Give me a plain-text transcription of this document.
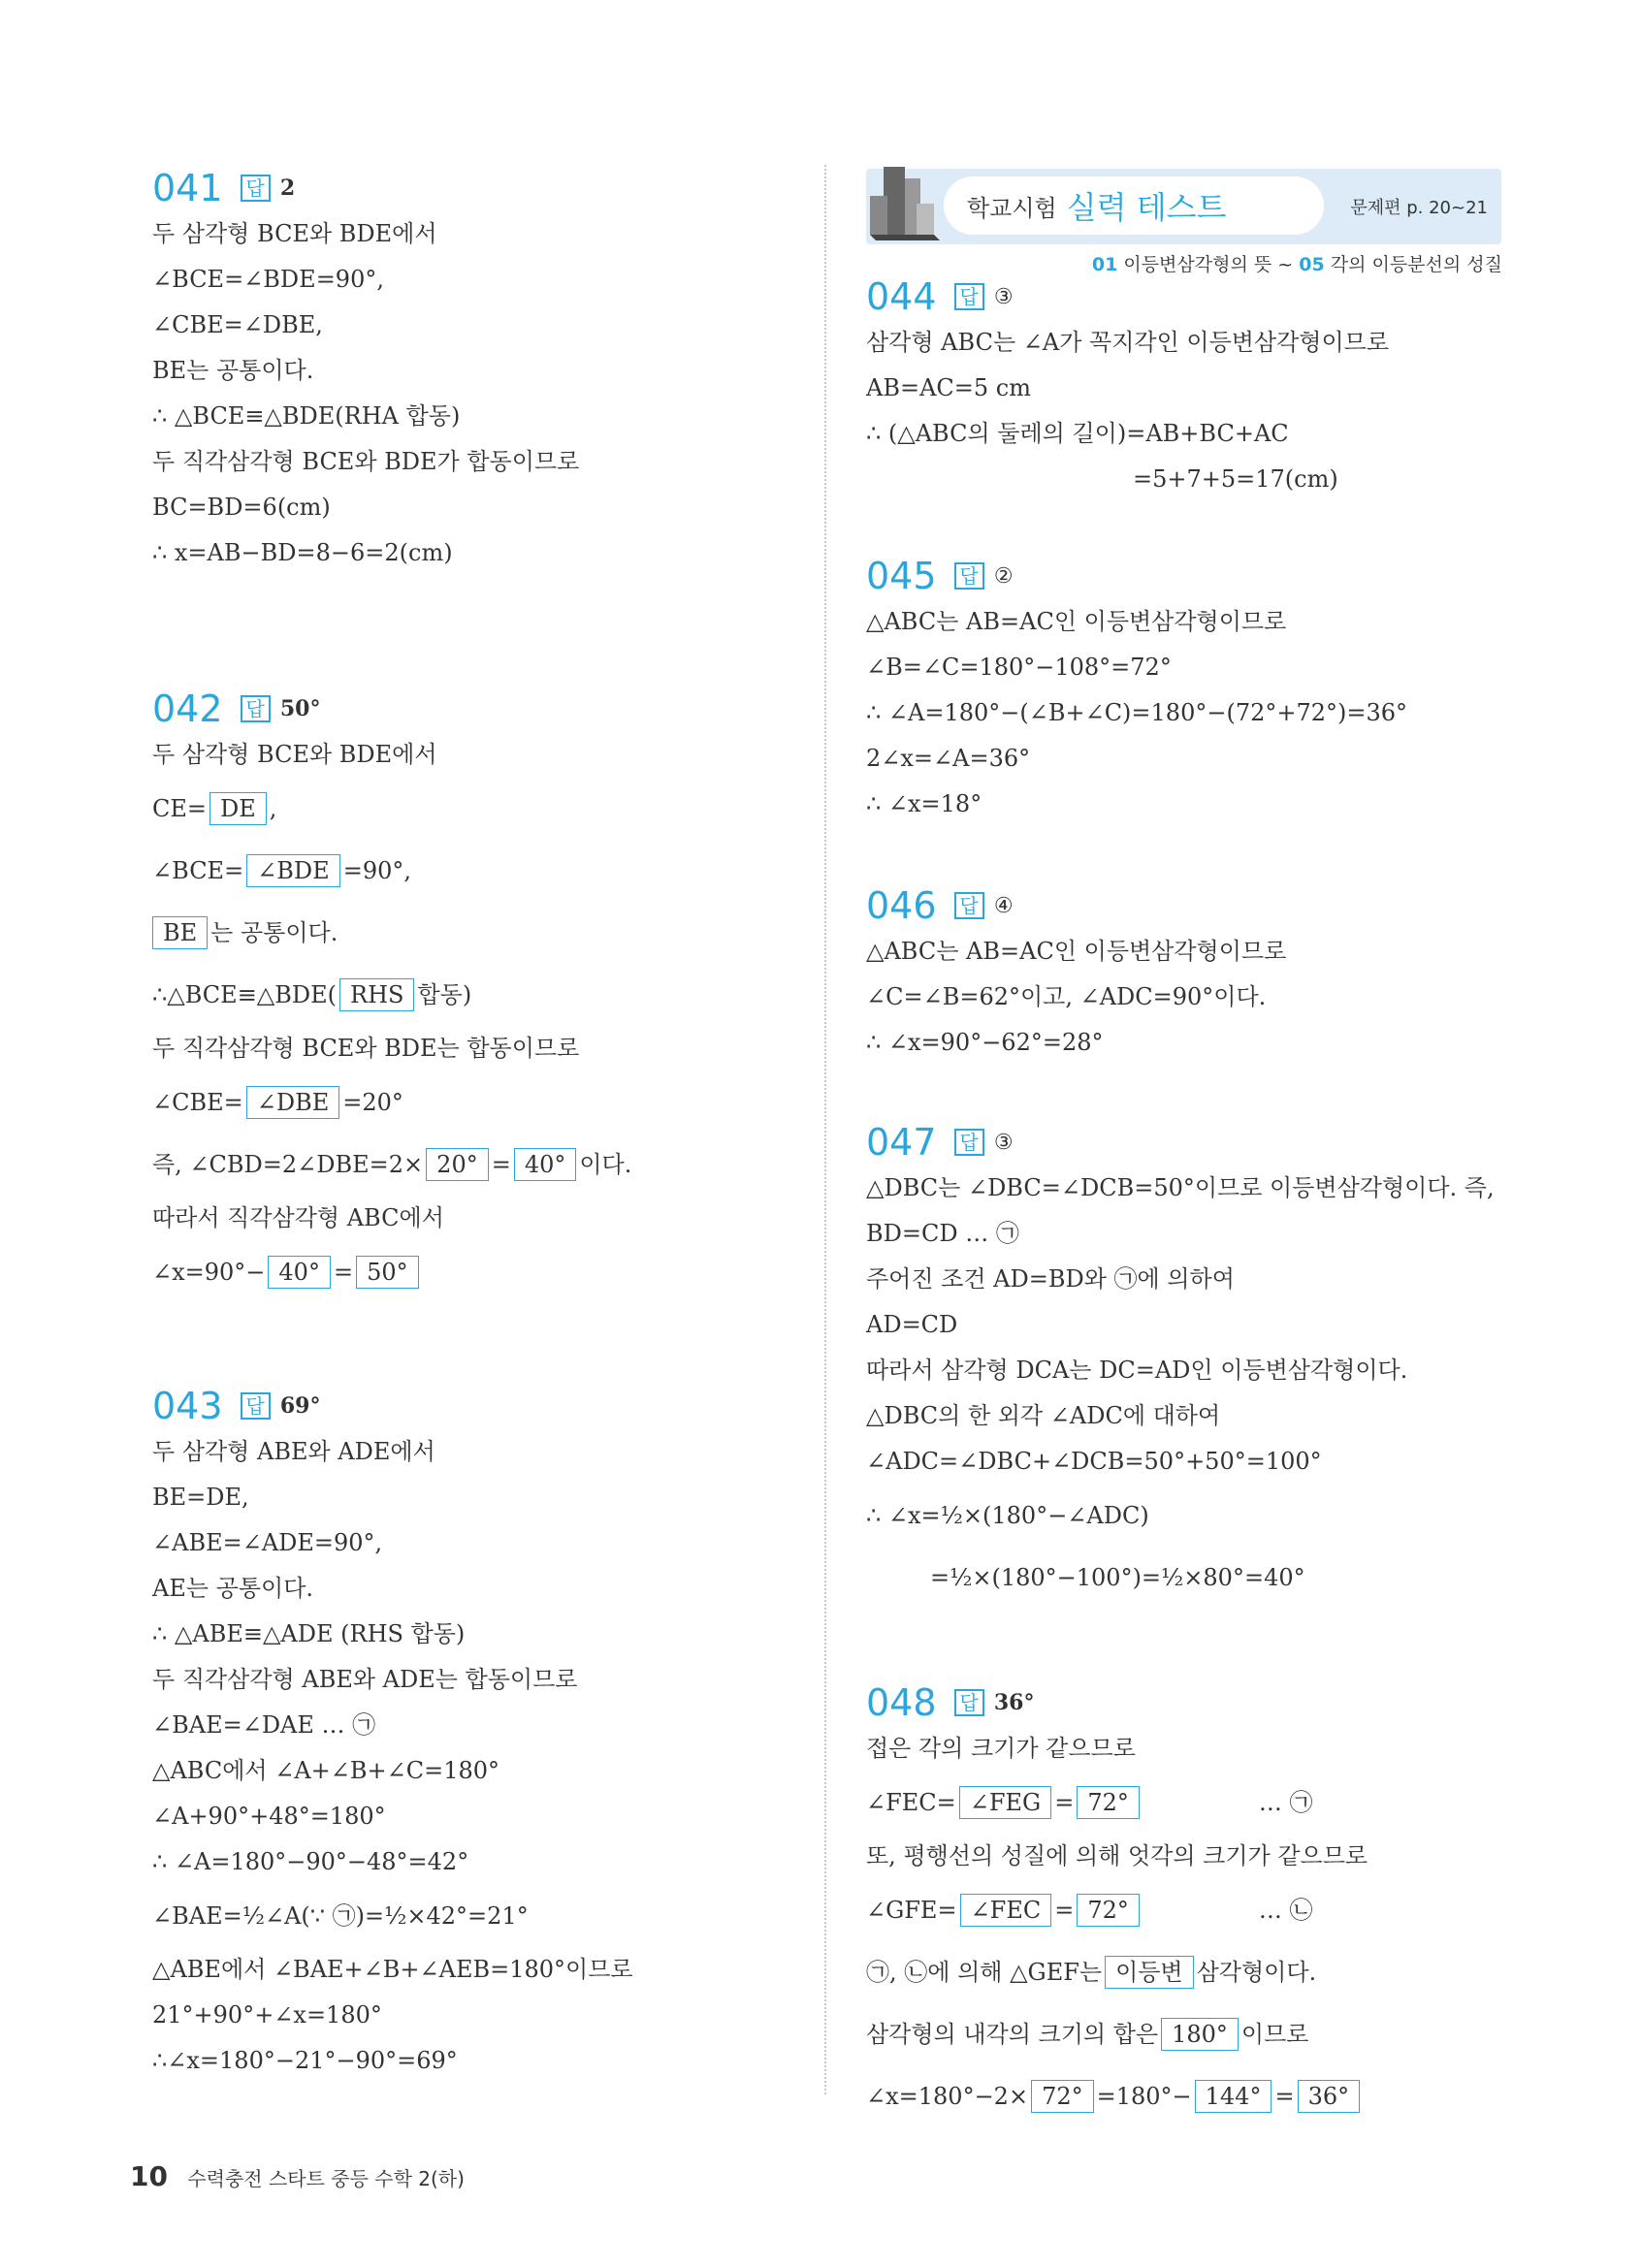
학교시험 실력 테스트	문제편 p. 20~21
01 이등변삼각형의 뜻 ~ 05 각의 이등분선의 성질
041	답 2
두 삼각형 BCE와 BDE에서
∠BCE=∠BDE=90°,
∠CBE=∠DBE,
BE는 공통이다.
∴ △BCE≡△BDE(RHA 합동)
두 직각삼각형 BCE와 BDE가 합동이므로
BC=BD=6(cm)
∴ x=AB−BD=8−6=2(cm)
042	답 50°
두 삼각형 BCE와 BDE에서
CE= DE ,
∠BCE= ∠BDE =90°,
BE 는 공통이다.
∴△BCE≡△BDE( RHS 합동)
두 직각삼각형 BCE와 BDE는 합동이므로
∠CBE= ∠DBE =20°
즉, ∠CBD=2∠DBE=2× 20° = 40° 이다.
따라서 직각삼각형 ABC에서
∠x=90°− 40° = 50°
043	답 69°
두 삼각형 ABE와 ADE에서
BE=DE,
∠ABE=∠ADE=90°,
AE는 공통이다.
∴ △ABE≡△ADE (RHS 합동)
두 직각삼각형 ABE와 ADE는 합동이므로
∠BAE=∠DAE … ㉠
△ABC에서 ∠A+∠B+∠C=180°
∠A+90°+48°=180°
∴ ∠A=180°−90°−48°=42°
∠BAE=½∠A(∵ ㉠)=½×42°=21°
△ABE에서 ∠BAE+∠B+∠AEB=180°이므로
21°+90°+∠x=180°
∴∠x=180°−21°−90°=69°
044	답 ③
삼각형 ABC는 ∠A가 꼭지각인 이등변삼각형이므로
AB=AC=5 cm
∴ (△ABC의 둘레의 길이)=AB+BC+AC
=5+7+5=17(cm)
045	답 ②
△ABC는 AB=AC인 이등변삼각형이므로
∠B=∠C=180°−108°=72°
∴ ∠A=180°−(∠B+∠C)=180°−(72°+72°)=36°
2∠x=∠A=36°
∴ ∠x=18°
046	답 ④
△ABC는 AB=AC인 이등변삼각형이므로
∠C=∠B=62°이고, ∠ADC=90°이다.
∴ ∠x=90°−62°=28°
047	답 ③
△DBC는 ∠DBC=∠DCB=50°이므로 이등변삼각형이다. 즉,
BD=CD … ㉠
주어진 조건 AD=BD와 ㉠에 의하여
AD=CD
따라서 삼각형 DCA는 DC=AD인 이등변삼각형이다.
△DBC의 한 외각 ∠ADC에 대하여
∠ADC=∠DBC+∠DCB=50°+50°=100°
∴ ∠x=½×(180°−∠ADC)
=½×(180°−100°)=½×80°=40°
048	답 36°
접은 각의 크기가 같으므로
∠FEC= ∠FEG = 72°	… ㉠
또, 평행선의 성질에 의해 엇각의 크기가 같으므로
∠GFE= ∠FEC = 72°	… ㉡
㉠, ㉡에 의해 △GEF는 이등변 삼각형이다.
삼각형의 내각의 크기의 합은 180° 이므로
∠x=180°−2× 72° =180°− 144° = 36°
10 수력충전 스타트 중등 수학 2(하)
